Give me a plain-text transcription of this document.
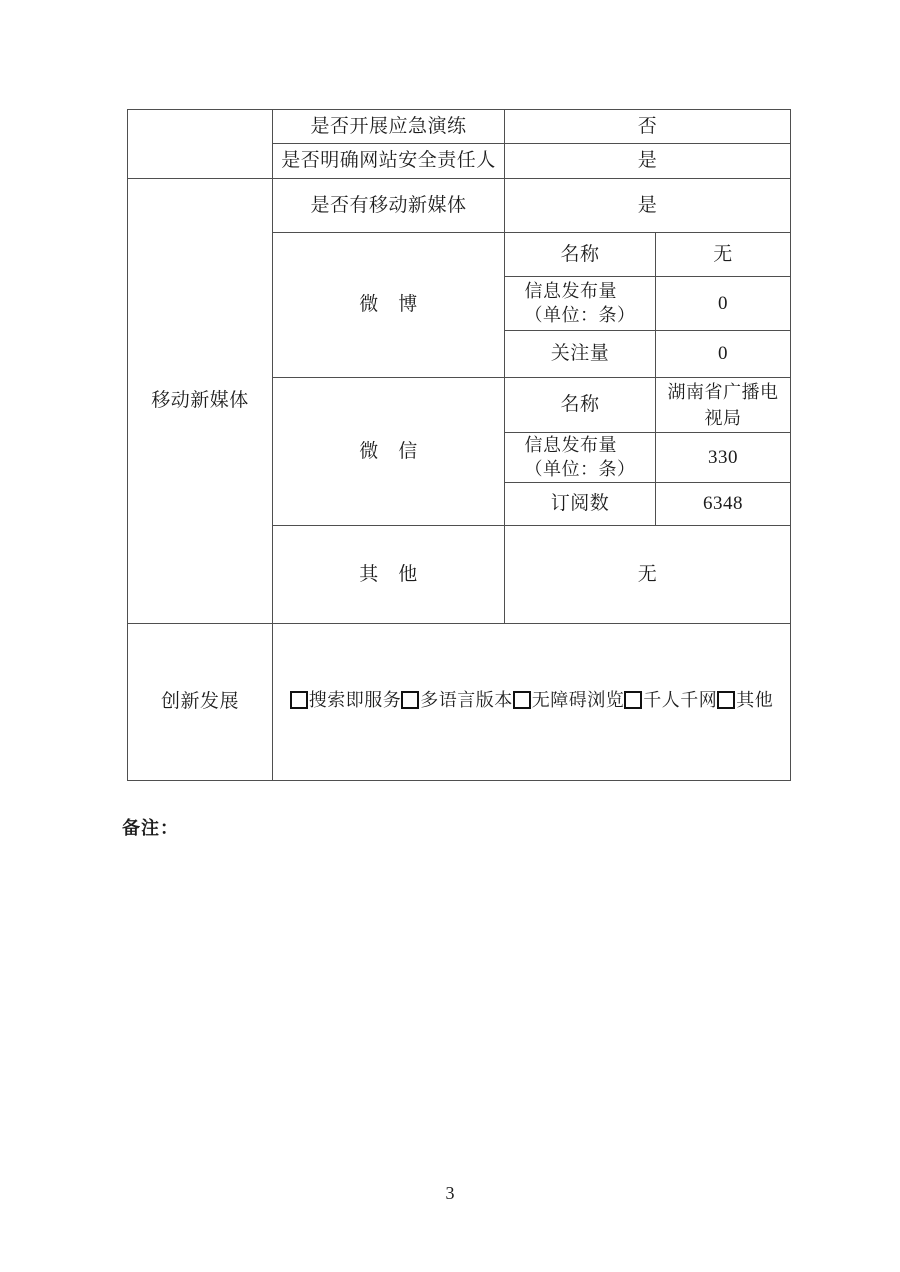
	是否开展应急演练	否	
	是否明确网站安全责任人	是	
移动新媒体	是否有移动新媒体	是	
	微　博	名称	无

		信息发布量
（单位：条）	0
		关注量	0
	微　信	名称	湖南省广播电视局

		信息发布量
（单位：条）	330
		订阅数	6348
	其　他	无	
创新发展	搜索即服务 多语言版本 无障碍浏览 千人千网 其他		
备注：
3
